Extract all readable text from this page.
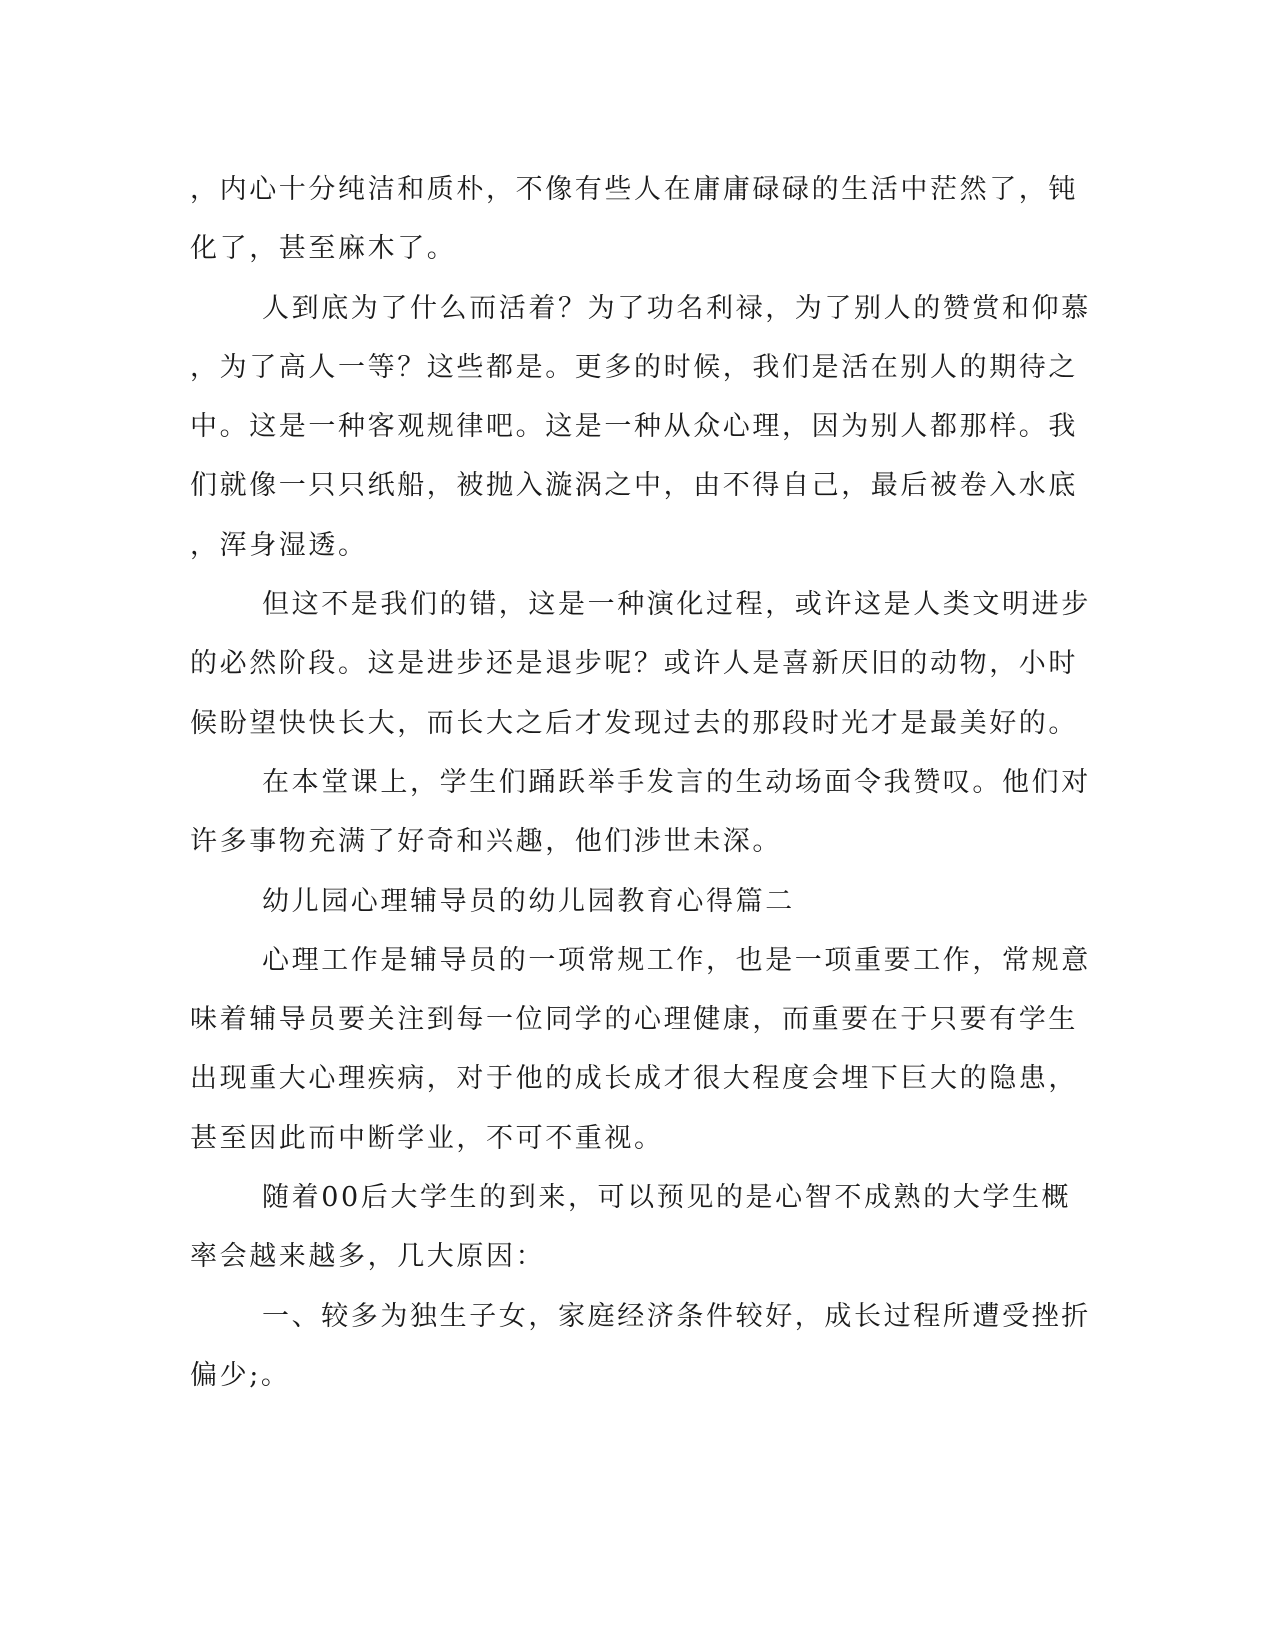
，内心十分纯洁和质朴，不像有些人在庸庸碌碌的生活中茫然了，钝
化了，甚至麻木了。
人到底为了什么而活着？为了功名利禄，为了别人的赞赏和仰慕
，为了高人一等？这些都是。更多的时候，我们是活在别人的期待之
中。这是一种客观规律吧。这是一种从众心理，因为别人都那样。我
们就像一只只纸船，被抛入漩涡之中，由不得自己，最后被卷入水底
，浑身湿透。
但这不是我们的错，这是一种演化过程，或许这是人类文明进步
的必然阶段。这是进步还是退步呢？或许人是喜新厌旧的动物，小时
候盼望快快长大，而长大之后才发现过去的那段时光才是最美好的。
在本堂课上，学生们踊跃举手发言的生动场面令我赞叹。他们对
许多事物充满了好奇和兴趣，他们涉世未深。
幼儿园心理辅导员的幼儿园教育心得篇二
心理工作是辅导员的一项常规工作，也是一项重要工作，常规意
味着辅导员要关注到每一位同学的心理健康，而重要在于只要有学生
出现重大心理疾病，对于他的成长成才很大程度会埋下巨大的隐患，
甚至因此而中断学业，不可不重视。
随着00后大学生的到来，可以预见的是心智不成熟的大学生概
率会越来越多，几大原因：
一、较多为独生子女，家庭经济条件较好，成长过程所遭受挫折
偏少;。
